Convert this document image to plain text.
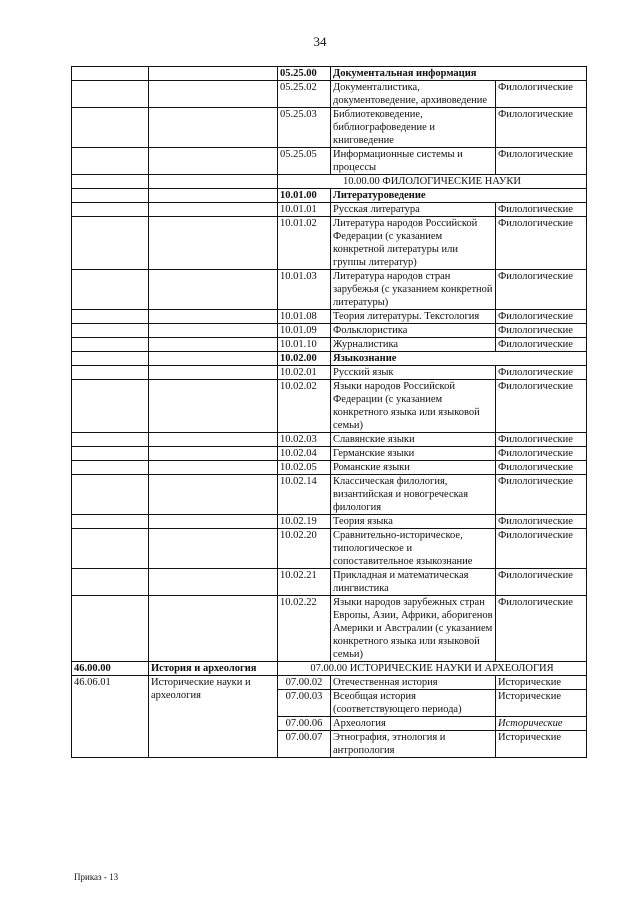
34
		05.25.00	Документальная информация	
		05.25.02	Документалистика, документоведение, архивоведение	Филологические
		05.25.03	Библиотековедение, библиографоведение и книговедение	Филологические
		05.25.05	Информационные системы и процессы	Филологические
		10.00.00 ФИЛОЛОГИЧЕСКИЕ НАУКИ		
		10.01.00	Литературоведение	
		10.01.01	Русская литература	Филологические
		10.01.02	Литература народов Российской Федерации (с указанием конкретной литературы или группы литератур)	Филологические
		10.01.03	Литература народов стран зарубежья (с указанием конкретной литературы)	Филологические
		10.01.08	Теория литературы. Текстология	Филологические
		10.01.09	Фольклористика	Филологические
		10.01.10	Журналистика	Филологические
		10.02.00	Языкознание	
		10.02.01	Русский язык	Филологические
		10.02.02	Языки народов Российской Федерации (с указанием конкретного языка или языковой семьи)	Филологические
		10.02.03	Славянские языки	Филологические
		10.02.04	Германские языки	Филологические
		10.02.05	Романские языки	Филологические
		10.02.14	Классическая филология, византийская и новогреческая филология	Филологические
		10.02.19	Теория языка	Филологические
		10.02.20	Сравнительно-историческое, типологическое и сопоставительное языкознание	Филологические
		10.02.21	Прикладная и математическая лингвистика	Филологические
		10.02.22	Языки народов зарубежных стран Европы, Азии, Африки, аборигенов Америки и Австралии (с указанием конкретного языка или языковой семьи)	Филологические
46.00.00	История и археология	07.00.00 ИСТОРИЧЕСКИЕ НАУКИ И АРХЕОЛОГИЯ		
46.06.01	Исторические науки и археология	07.00.02	Отечественная история	Исторические
		07.00.03	Всеобщая история (соответствующего периода)	Исторические
		07.00.06	Археология	Исторические
		07.00.07	Этнография, этнология и антропология	Исторические
Приказ - 13
